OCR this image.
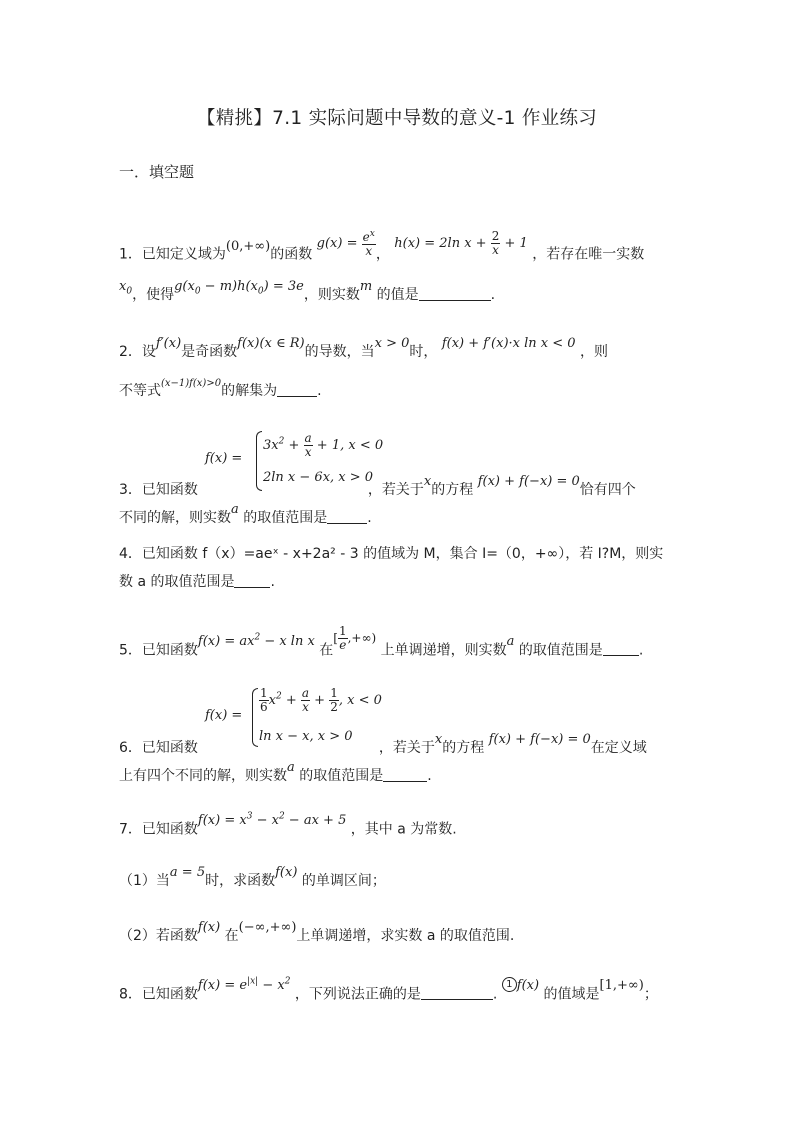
【精挑】7.1 实际问题中导数的意义-1 作业练习
一．填空题
1．已知定义域为(0,+∞)的函数 $g(x) = \frac{e^x}{x}$ ， h(x) = 2ln $x + \frac{2}{x} + 1$ ，若存在唯一实数
$x_0$，使得$g(x_0 - m)h(x_0) = 3e$，则实数m 的值是	.
2．设f′(x)是奇函数f(x)(x ∈ R)的导数，当x > 0时， f(x) + f′(x)·x ln x < 0 ，则
不等式$^{(x-1)f(x)>0}$的解集为	.
f(x) =
$3x^2 + \frac{a}{x} + 1$, x < 0
2ln x − 6x, x > 0
3．已知函数	，若关于x的方程 f(x) + f(−x) = 0恰有四个
不同的解，则实数a 的取值范围是	.
4．已知函数 f（x）=aeˣ - x+2a² - 3 的值域为 M，集合 I=（0，+∞），若 I?M，则实
数 a 的取值范围是	.
5．已知函数$f(x) = ax^2 - x$ ln x 在[ $\frac{1}{e}$ ,+∞) 上单调递增，则实数a 的取值范围是	.
f(x) =
$\frac{1}{6} x^2 + \frac{a}{x} + \frac{1}{2}$ , x < 0
ln x − x, x > 0
6．已知函数	，若关于x的方程 f(x) + f(−x) = 0在定义域
上有四个不同的解，则实数a 的取值范围是	.
7．已知函数$f(x) = x^3 - x^2$ − ax + 5 ，其中 a 为常数.
（1）当a = 5时，求函数f(x) 的单调区间；
（2）若函数f(x) 在(−∞,+∞)上单调递增，求实数 a 的取值范围.
8．已知函数$f(x) = e^{|x|} - x^2$ ，下列说法正确的是	. 1 f(x) 的值域是[1,+∞)；
